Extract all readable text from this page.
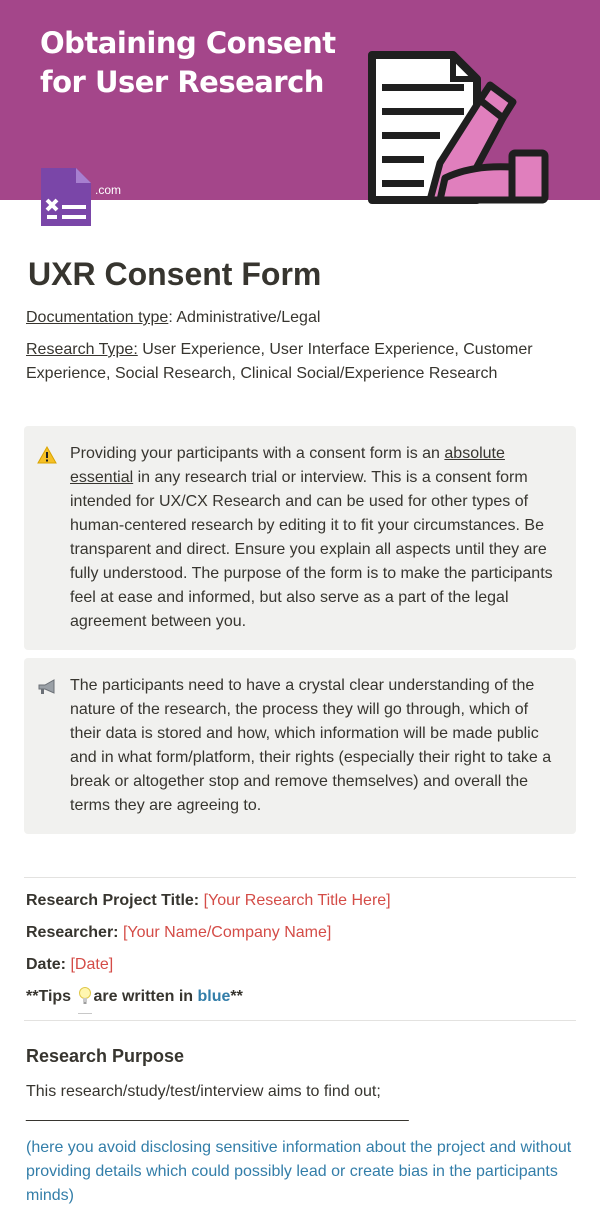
Obtaining Consent
for User Research
.com
UXR Consent Form
Documentation type: Administrative/Legal
Research Type: User Experience, User Interface Experience, Customer Experience, Social Research, Clinical Social/Experience Research
Providing your participants with a consent form is an absolute essential in any research trial or interview. This is a consent form intended for UX/CX Research and can be used for other types of human-centered research by editing it to fit your circumstances. Be transparent and direct. Ensure you explain all aspects until they are fully understood. The purpose of the form is to make the participants feel at ease and informed, but also serve as a part of the legal agreement between you.
The participants need to have a crystal clear understanding of the nature of the research, the process they will go through, which of their data is stored and how, which information will be made public and in what form/platform, their rights (especially their right to take a break or altogether stop and remove themselves) and overall the terms they are agreeing to.
Research Project Title: [Your Research Title Here]
Researcher: [Your Name/Company Name]
Date: [Date]
**Tips are written in blue**
Research Purpose
This research/study/test/interview aims to find out;
___________________________________________
(here you avoid disclosing sensitive information about the project and without providing details which could possibly lead or create bias in the participants minds)
